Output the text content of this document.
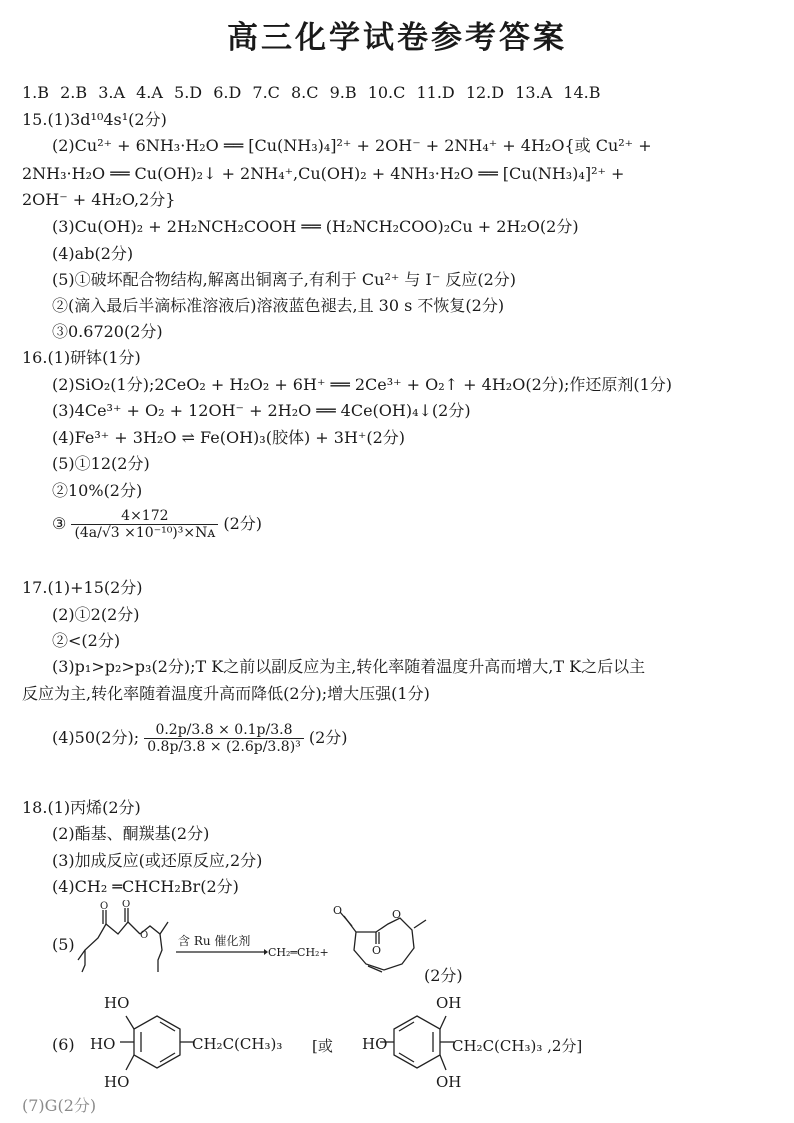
高三化学试卷参考答案
1.B 2.B 3.A 4.A 5.D 6.D 7.C 8.C 9.B 10.C 11.D 12.D 13.A 14.B
15.(1)3d¹⁰4s¹(2分)
(2)Cu²⁺ + 6NH₃·H₂O ══ [Cu(NH₃)₄]²⁺ + 2OH⁻ + 2NH₄⁺ + 4H₂O{或 Cu²⁺ +
2NH₃·H₂O ══ Cu(OH)₂↓ + 2NH₄⁺,Cu(OH)₂ + 4NH₃·H₂O ══ [Cu(NH₃)₄]²⁺ +
2OH⁻ + 4H₂O,2分}
(3)Cu(OH)₂ + 2H₂NCH₂COOH ══ (H₂NCH₂COO)₂Cu + 2H₂O(2分)
(4)ab(2分)
(5)①破坏配合物结构,解离出铜离子,有利于 Cu²⁺ 与 I⁻ 反应(2分)
②(滴入最后半滴标准溶液后)溶液蓝色褪去,且 30 s 不恢复(2分)
③0.6720(2分)
16.(1)研钵(1分)
(2)SiO₂(1分);2CeO₂ + H₂O₂ + 6H⁺ ══ 2Ce³⁺ + O₂↑ + 4H₂O(2分);作还原剂(1分)
(3)4Ce³⁺ + O₂ + 12OH⁻ + 2H₂O ══ 4Ce(OH)₄↓(2分)
(4)Fe³⁺ + 3H₂O ⇌ Fe(OH)₃(胶体) + 3H⁺(2分)
(5)①12(2分)
②10%(2分)
③ $\frac{4\times 172}{\text{(4a/√3 ×10⁻¹⁰)³×Nᴀ}} (2$分)
17.(1)+15(2分)
(2)①2(2分)
②<(2分)
(3)p₁>p₂>p₃(2分);T K之前以副反应为主,转化率随着温度升高而增大,T K之后以主
反应为主,转化率随着温度升高而降低(2分);增大压强(1分)
(4)50(2分); $\frac{0.2p/3.8 \times 0.1p/3.8}{\text{0.8p/3.8 × (2.6p/3.8)³}} (2$分)
18.(1)丙烯(2分)
(2)酯基、酮羰基(2分)
(3)加成反应(或还原反应,2分)
(4)CH₂ ═CHCH₂Br(2分)
(5)
O O
O 含 Ru 催化剂
CH₂═CH₂+
O	O
O
(2分)
(6)
HO
HO
HO
CH₂C(CH₃)₃ [或 HO
OH
OH
CH₂C(CH₃)₃ ,2分]
(7)G(2分)
